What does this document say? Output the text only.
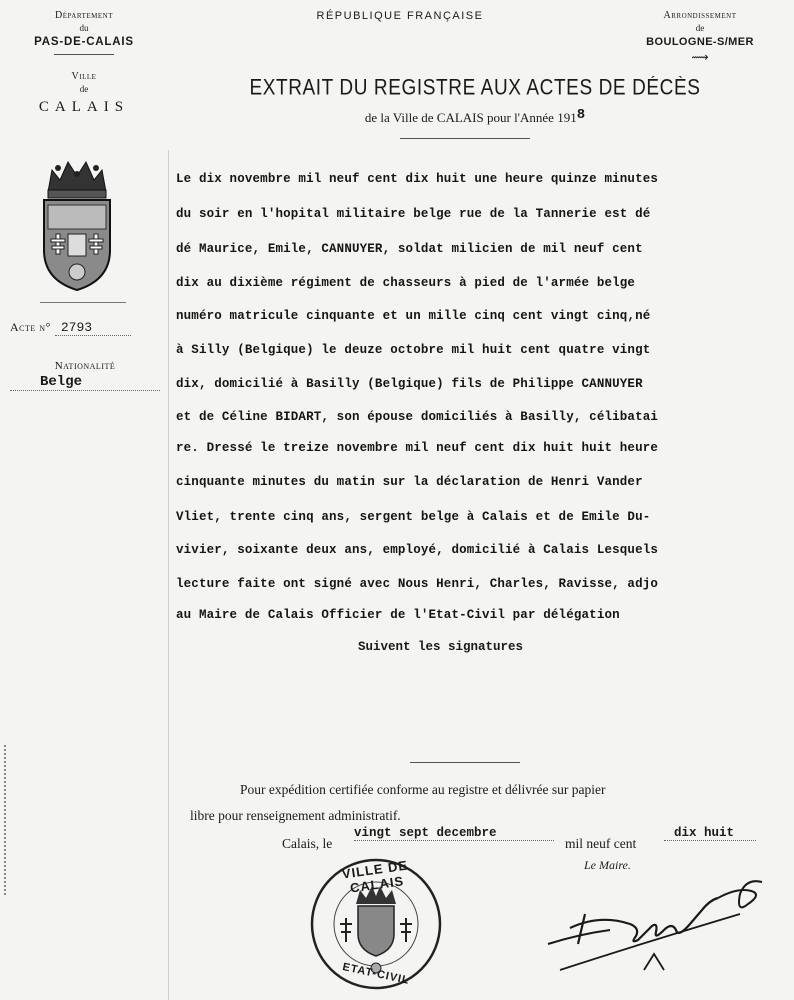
Département
du
PAS-DE-CALAIS
Ville
de
CALAIS
Acte n° 2793
Nationalité
Belge
RÉPUBLIQUE FRANÇAISE	Arrondissement
de
BOULOGNE-S/MER
⟿
EXTRAIT DU REGISTRE AUX ACTES DE DÉCÈS
de la Ville de CALAIS pour l'Année 1918
Le dix novembre mil neuf cent dix huit une heure quinze minutes
du soir en l'hopital militaire belge rue de la Tannerie est dé
dé Maurice, Emile, CANNUYER, soldat milicien de mil neuf cent
dix au dixième régiment de chasseurs à pied de l'armée belge
numéro matricule cinquante et un mille cinq cent vingt cinq,né
à Silly (Belgique) le deuze octobre mil huit cent quatre vingt
dix, domicilié à Basilly (Belgique) fils de Philippe CANNUYER
et de Céline BIDART, son épouse domiciliés à Basilly, célibatai
re. Dressé le treize novembre mil neuf cent dix huit huit heure
cinquante minutes du matin sur la déclaration de Henri Vander
Vliet, trente cinq ans, sergent belge à Calais et de Emile Du-
vivier, soixante deux ans, employé, domicilié à Calais Lesquels
lecture faite ont signé avec Nous Henri, Charles, Ravisse, adjo
au Maire de Calais Officier de l'Etat-Civil par délégation
Suivent les signatures
Pour expédition certifiée conforme au registre et délivrée sur papier
libre pour renseignement administratif.
Calais, le
vingt sept decembre
mil neuf cent
dix huit
Le Maire.
VILLE DE CALAIS
ETAT-CIVIL
